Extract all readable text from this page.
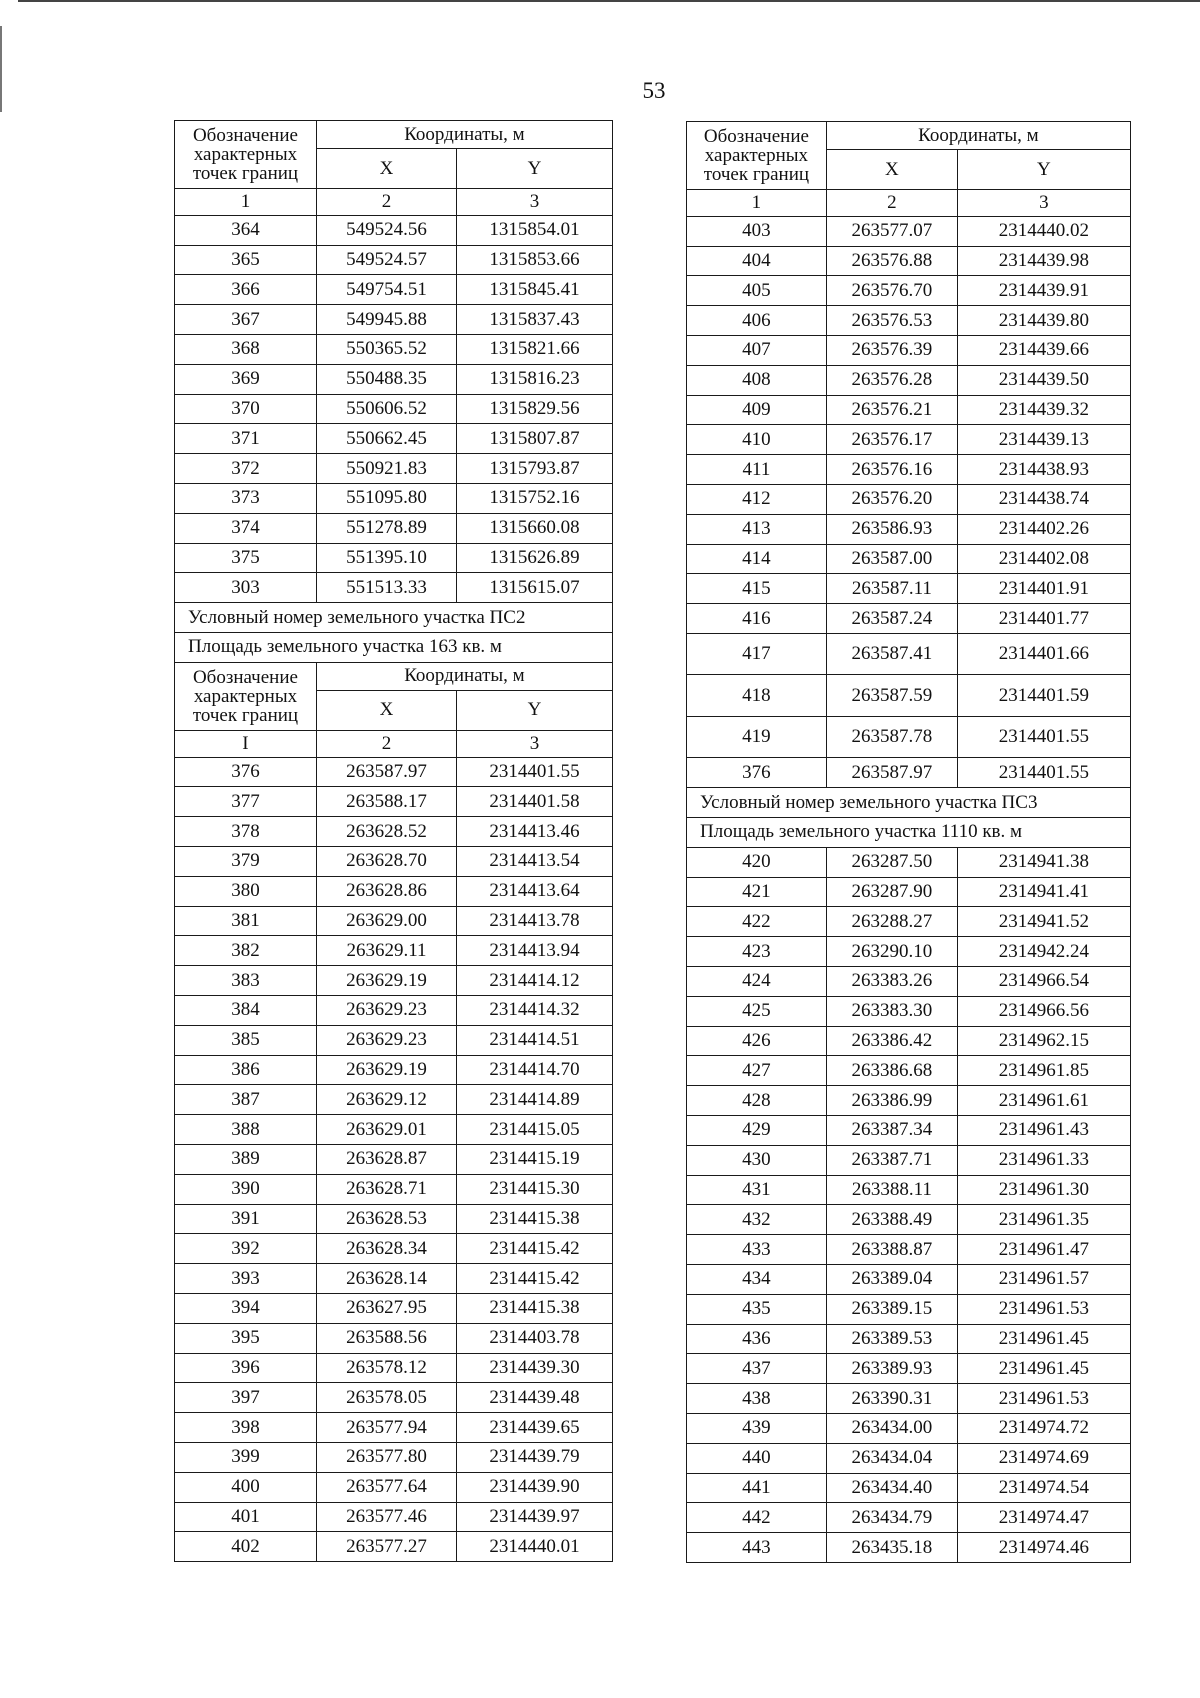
53
Обозначение характерных точек границ	Координаты, м	
	X	Y
1	2	3
364	549524.56	1315854.01
365	549524.57	1315853.66
366	549754.51	1315845.41
367	549945.88	1315837.43
368	550365.52	1315821.66
369	550488.35	1315816.23
370	550606.52	1315829.56
371	550662.45	1315807.87
372	550921.83	1315793.87
373	551095.80	1315752.16
374	551278.89	1315660.08
375	551395.10	1315626.89
303	551513.33	1315615.07
Условный номер земельного участка ПС2		
Площадь земельного участка 163 кв. м		
Обозначение характерных точек границ	Координаты, м	
	X	Y
I	2	3
376	263587.97	2314401.55
377	263588.17	2314401.58
378	263628.52	2314413.46
379	263628.70	2314413.54
380	263628.86	2314413.64
381	263629.00	2314413.78
382	263629.11	2314413.94
383	263629.19	2314414.12
384	263629.23	2314414.32
385	263629.23	2314414.51
386	263629.19	2314414.70
387	263629.12	2314414.89
388	263629.01	2314415.05
389	263628.87	2314415.19
390	263628.71	2314415.30
391	263628.53	2314415.38
392	263628.34	2314415.42
393	263628.14	2314415.42
394	263627.95	2314415.38
395	263588.56	2314403.78
396	263578.12	2314439.30
397	263578.05	2314439.48
398	263577.94	2314439.65
399	263577.80	2314439.79
400	263577.64	2314439.90
401	263577.46	2314439.97
402	263577.27	2314440.01
Обозначение характерных точек границ	Координаты, м	
	X	Y
1	2	3
403	263577.07	2314440.02
404	263576.88	2314439.98
405	263576.70	2314439.91
406	263576.53	2314439.80
407	263576.39	2314439.66
408	263576.28	2314439.50
409	263576.21	2314439.32
410	263576.17	2314439.13
411	263576.16	2314438.93
412	263576.20	2314438.74
413	263586.93	2314402.26
414	263587.00	2314402.08
415	263587.11	2314401.91
416	263587.24	2314401.77
417	263587.41	2314401.66
418	263587.59	2314401.59
419	263587.78	2314401.55
376	263587.97	2314401.55
Условный номер земельного участка ПС3		
Площадь земельного участка 1110 кв. м		
420	263287.50	2314941.38
421	263287.90	2314941.41
422	263288.27	2314941.52
423	263290.10	2314942.24
424	263383.26	2314966.54
425	263383.30	2314966.56
426	263386.42	2314962.15
427	263386.68	2314961.85
428	263386.99	2314961.61
429	263387.34	2314961.43
430	263387.71	2314961.33
431	263388.11	2314961.30
432	263388.49	2314961.35
433	263388.87	2314961.47
434	263389.04	2314961.57
435	263389.15	2314961.53
436	263389.53	2314961.45
437	263389.93	2314961.45
438	263390.31	2314961.53
439	263434.00	2314974.72
440	263434.04	2314974.69
441	263434.40	2314974.54
442	263434.79	2314974.47
443	263435.18	2314974.46
